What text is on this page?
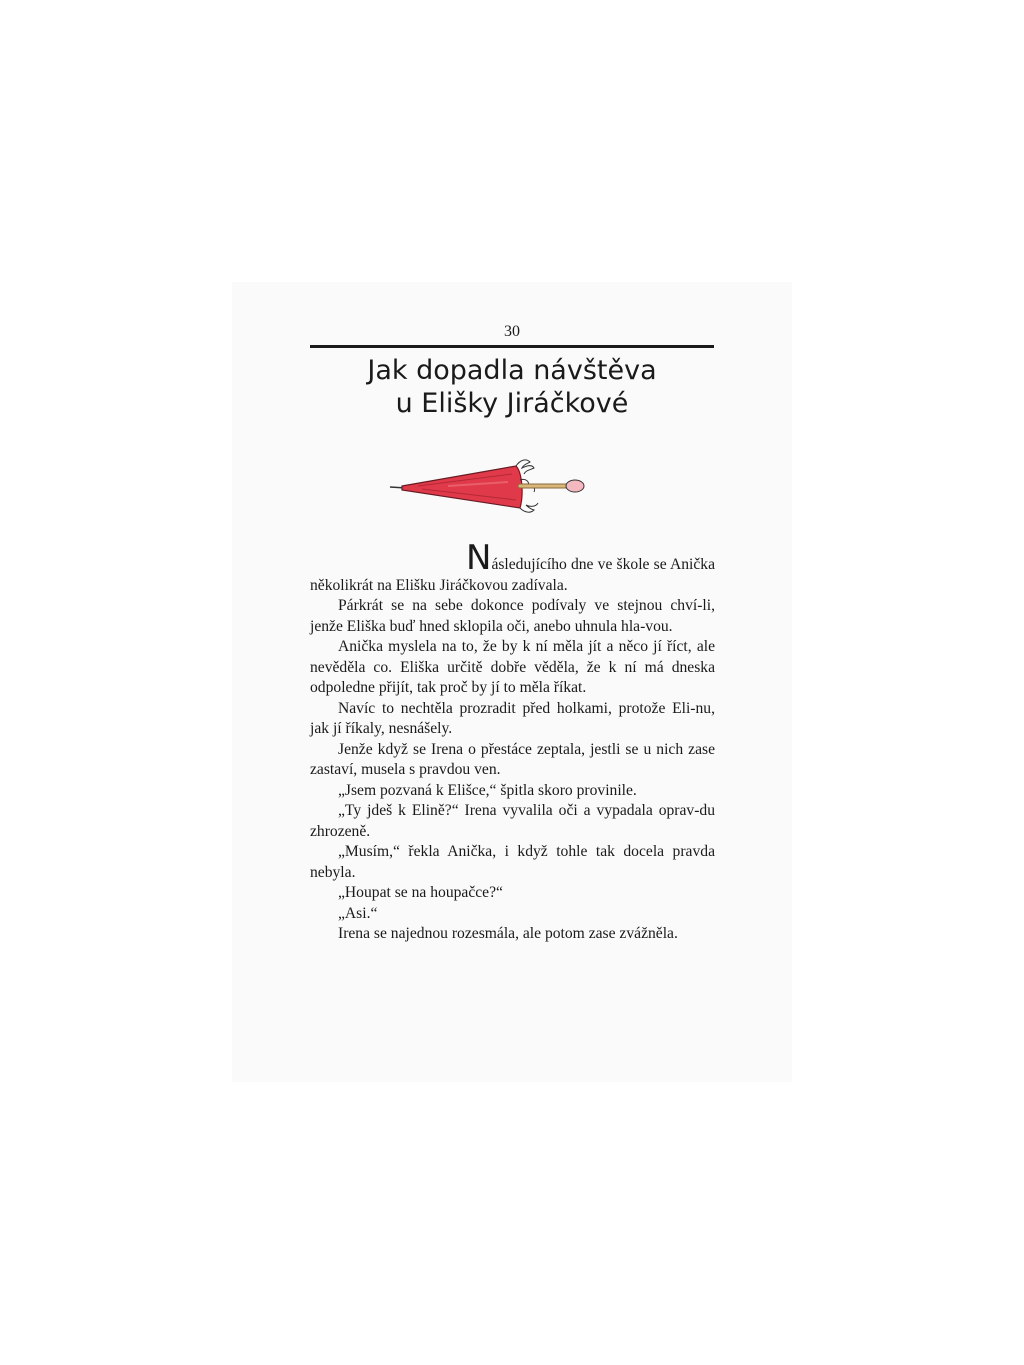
30
Jak dopadla návštěva
u Elišky Jiráčkové

Následujícího dne ve škole se Anička několikrát na Elišku Jiráčkovou zadívala.

Párkrát se na sebe dokonce podívaly ve stejnou chví-li, jenže Eliška buď hned sklopila oči, anebo uhnula hla-vou.

Anička myslela na to, že by k ní měla jít a něco jí říct, ale nevěděla co. Eliška určitě dobře věděla, že k ní má dneska odpoledne přijít, tak proč by jí to měla říkat.

Navíc to nechtěla prozradit před holkami, protože Eli-nu, jak jí říkaly, nesnášely.

Jenže když se Irena o přestáce zeptala, jestli se u nich zase zastaví, musela s pravdou ven.

„Jsem pozvaná k Elišce,“ špitla skoro provinile.

„Ty jdeš k Elině?“ Irena vyvalila oči a vypadala oprav-du zhrozeně.

„Musím,“ řekla Anička, i když tohle tak docela pravda nebyla.

„Houpat se na houpačce?“

„Asi.“

Irena se najednou rozesmála, ale potom zase zvážněla.
